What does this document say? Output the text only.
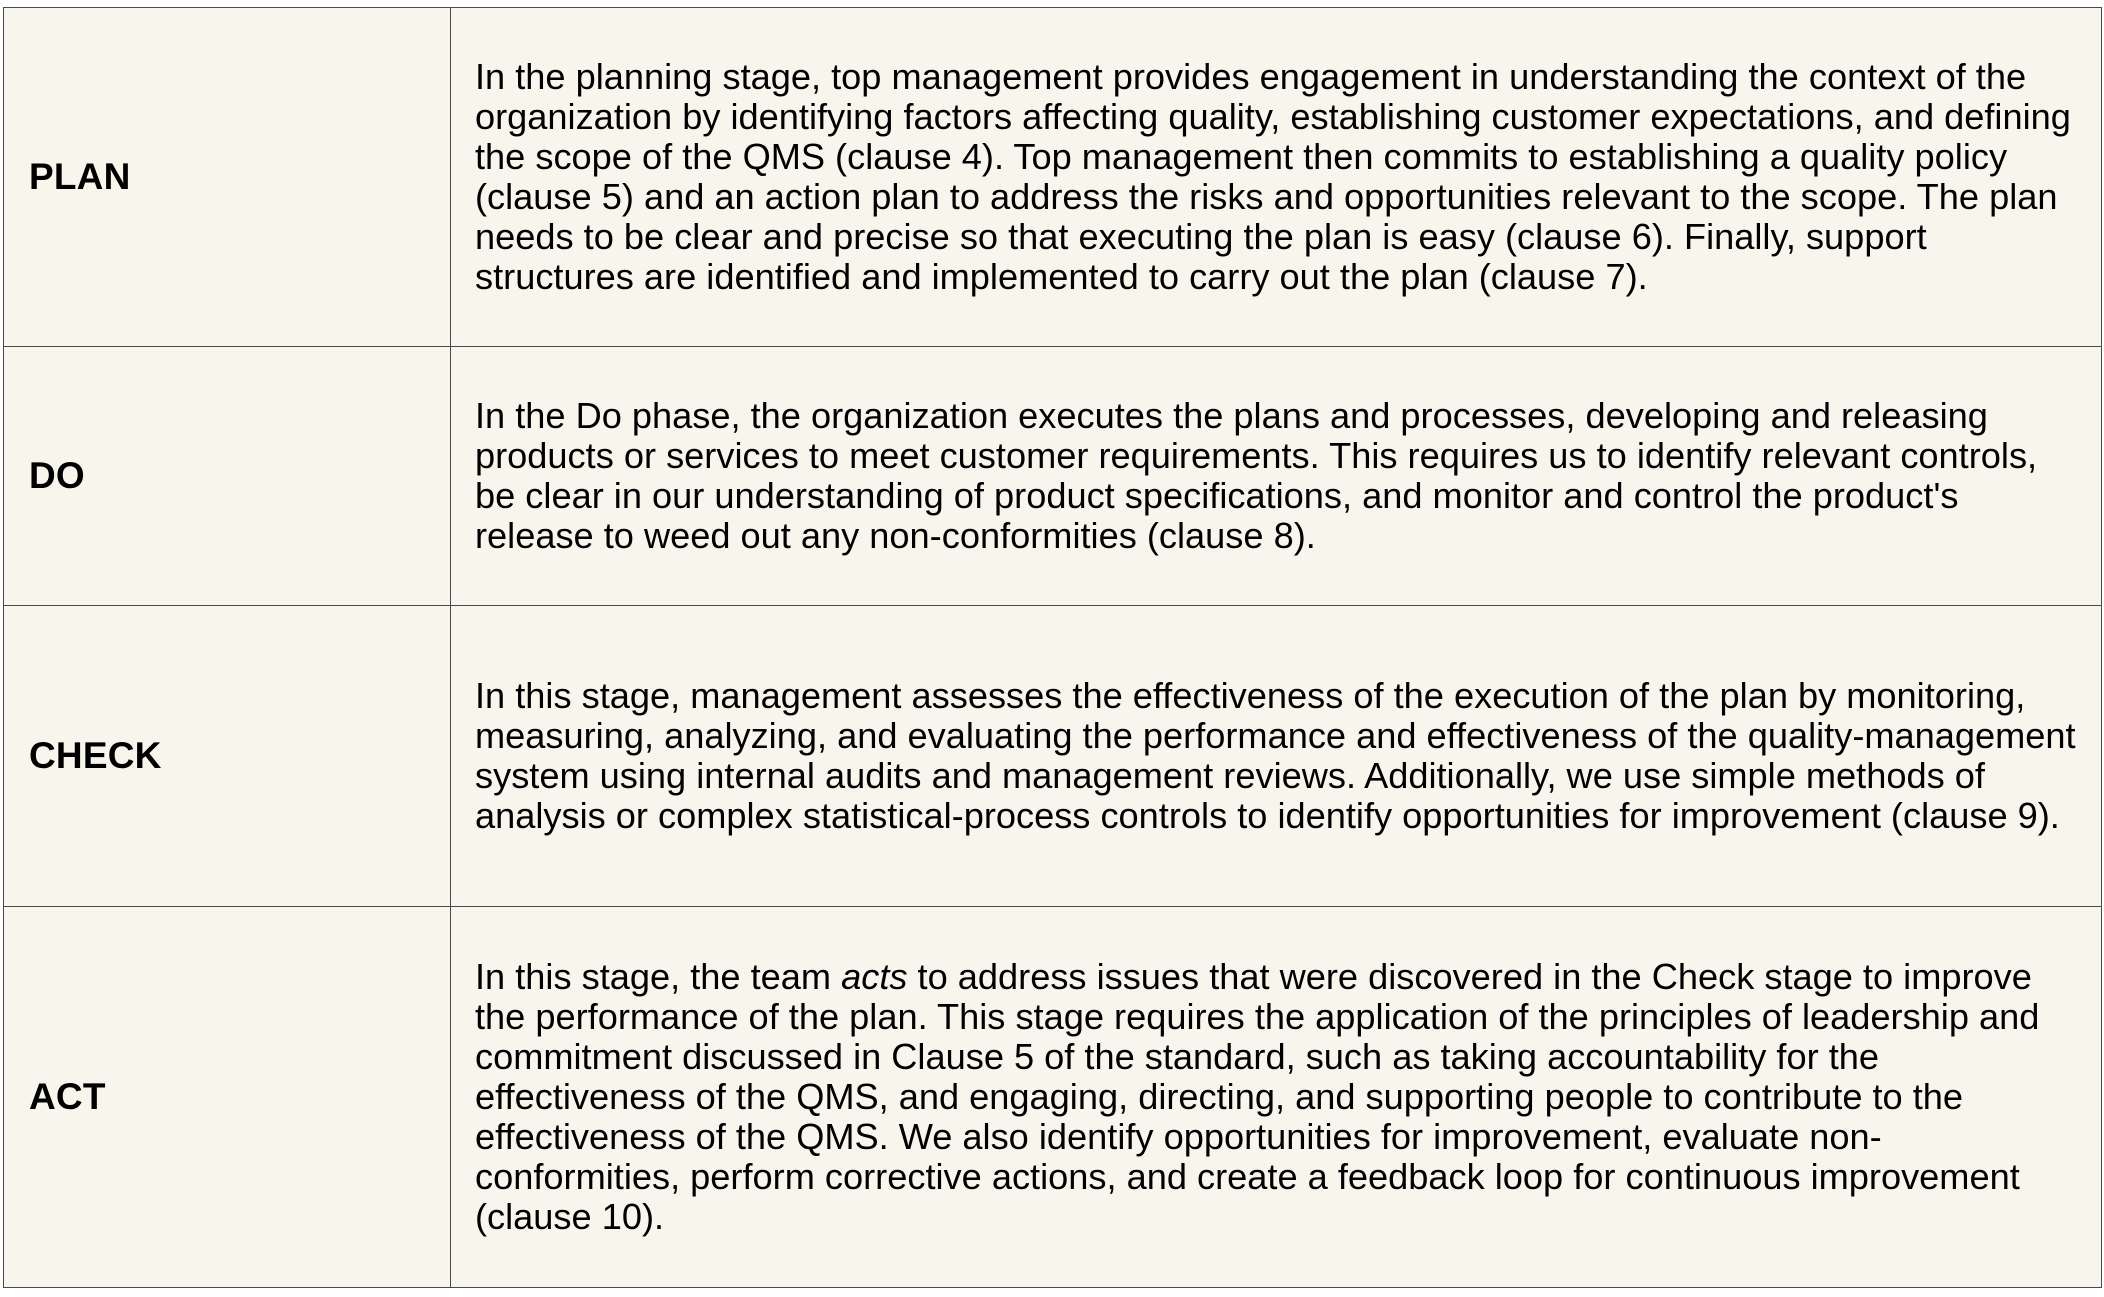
PLAN	In the planning stage, top management provides engagement in understanding the context of the organization by identifying factors affecting quality, establishing customer expectations, and defining the scope of the QMS (clause 4). Top management then commits to establishing a quality policy (clause 5) and an action plan to address the risks and opportunities relevant to the scope. The plan needs to be clear and precise so that executing the plan is easy (clause 6). Finally, support structures are identified and implemented to carry out the plan (clause 7).

DO	In the Do phase, the organization executes the plans and processes, developing and releasing products or services to meet customer requirements. This requires us to identify relevant controls, be clear in our understanding of product specifications, and monitor and control the product's release to weed out any non-conformities (clause 8).

CHECK	In this stage, management assesses the effectiveness of the execution of the plan by monitoring, measuring, analyzing, and evaluating the performance and effectiveness of the quality-management system using internal audits and management reviews. Additionally, we use simple methods of analysis or complex statistical-process controls to identify opportunities for improvement (clause 9).

ACT	In this stage, the team acts to address issues that were discovered in the Check stage to improve the performance of the plan. This stage requires the application of the principles of leadership and commitment discussed in Clause 5 of the standard, such as taking accountability for the effectiveness of the QMS, and engaging, directing, and supporting people to contribute to the effectiveness of the QMS. We also identify opportunities for improvement, evaluate non-conformities, perform corrective actions, and create a feedback loop for continuous improvement (clause 10).
